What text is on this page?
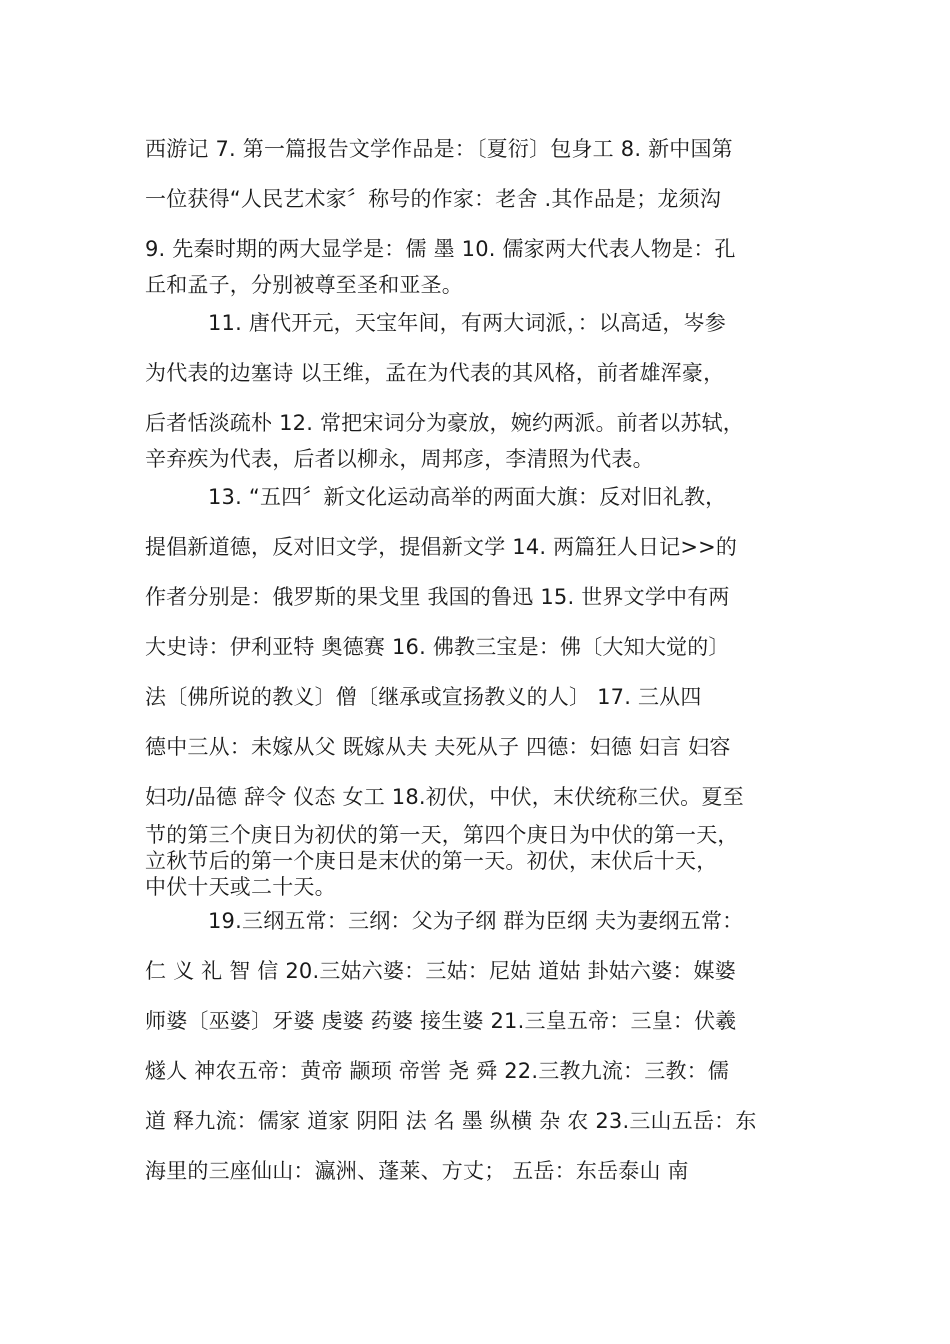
西游记 7. 第一篇报告文学作品是：〔夏衍〕包身工 8. 新中国第
一位获得“人民艺术家〞称号的作家：老舍 .其作品是；龙须沟
9. 先秦时期的两大显学是：儒 墨 10. 儒家两大代表人物是：孔
丘和孟子，分别被尊至圣和亚圣。
11. 唐代开元，天宝年间，有两大词派，：以高适，岑参
为代表的边塞诗 以王维，孟在为代表的其风格，前者雄浑豪，
后者恬淡疏朴 12. 常把宋词分为豪放，婉约两派。前者以苏轼，
辛弃疾为代表，后者以柳永，周邦彦，李清照为代表。
13. “五四〞新文化运动高举的两面大旗：反对旧礼教，
提倡新道德，反对旧文学，提倡新文学 14. 两篇狂人日记>>的
作者分别是：俄罗斯的果戈里 我国的鲁迅 15. 世界文学中有两
大史诗：伊利亚特 奥德赛 16. 佛教三宝是：佛〔大知大觉的〕
法〔佛所说的教义〕僧〔继承或宣扬教义的人〕 17. 三从四
德中三从：未嫁从父 既嫁从夫 夫死从子 四德：妇德 妇言 妇容
妇功/品德 辞令 仪态 女工 18.初伏，中伏，末伏统称三伏。夏至
节的第三个庚日为初伏的第一天，第四个庚日为中伏的第一天，
立秋节后的第一个庚日是末伏的第一天。初伏，末伏后十天，
中伏十天或二十天。
19.三纲五常：三纲：父为子纲 群为臣纲 夫为妻纲五常：
仁 义 礼 智 信 20.三姑六婆：三姑：尼姑 道姑 卦姑六婆：媒婆
师婆〔巫婆〕牙婆 虔婆 药婆 接生婆 21.三皇五帝：三皇：伏羲
燧人 神农五帝：黄帝 颛顼 帝喾 尧 舜 22.三教九流：三教：儒
道 释九流：儒家 道家 阴阳 法 名 墨 纵横 杂 农 23.三山五岳：东
海里的三座仙山：瀛洲、蓬莱、方丈； 五岳：东岳泰山 南
